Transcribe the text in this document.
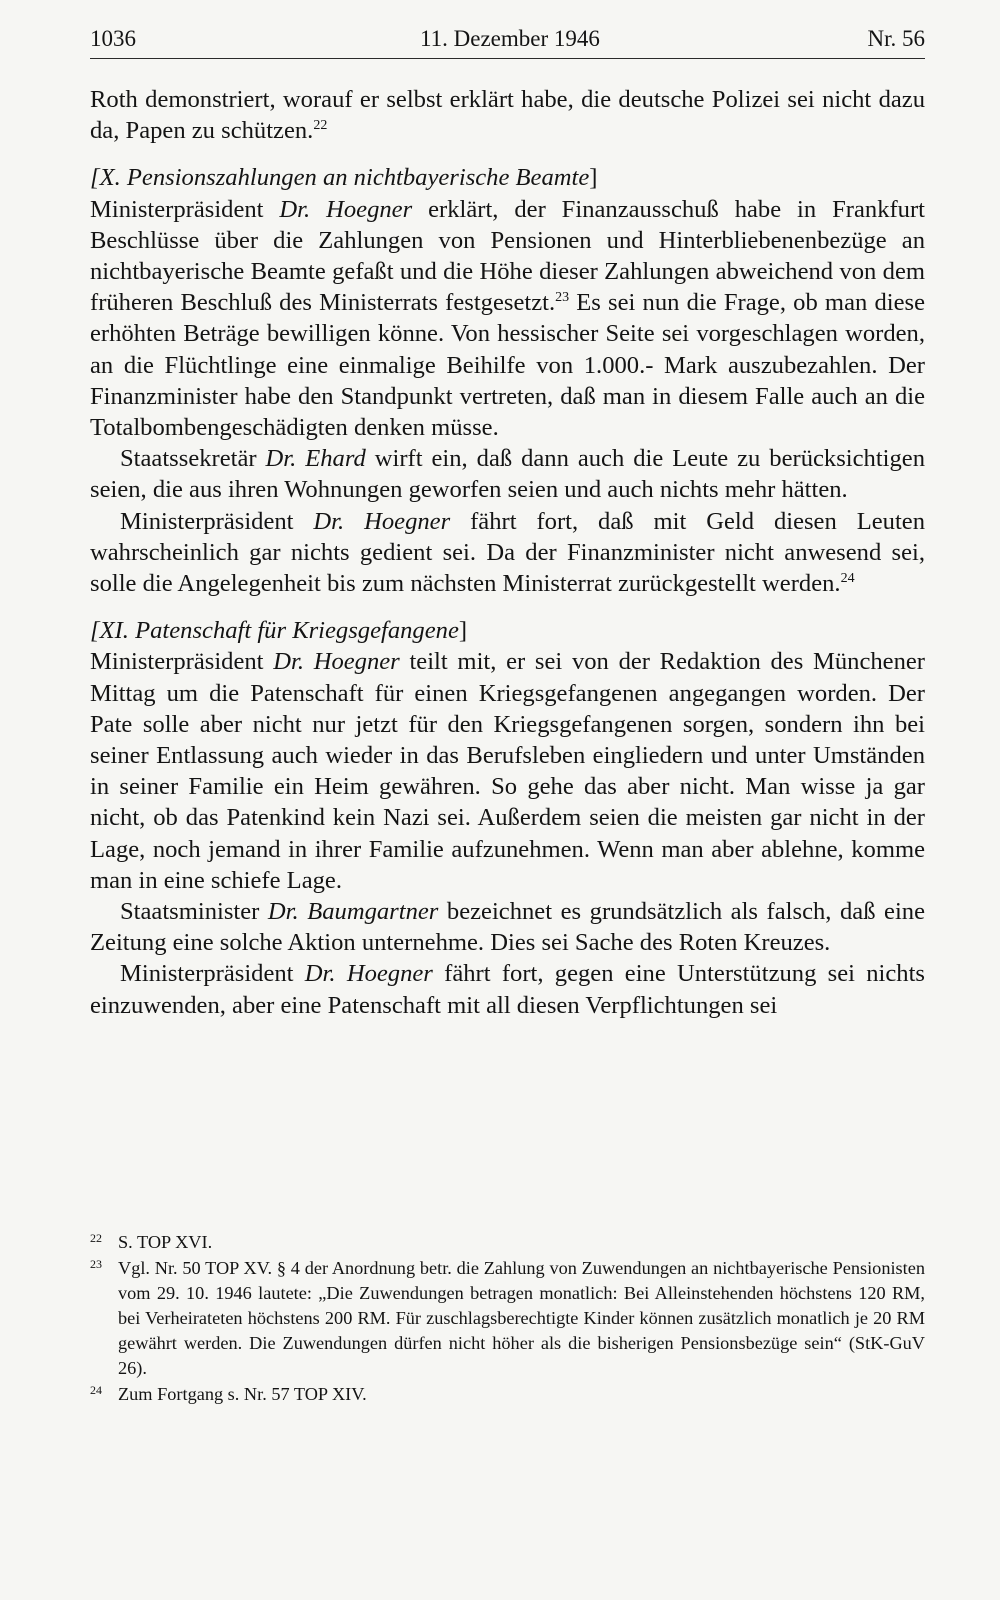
1036	11. Dezember 1946	Nr. 56

Roth demonstriert, worauf er selbst erklärt habe, die deutsche Polizei sei nicht dazu da, Papen zu schützen.$^{22}$

[X. Pensionszahlungen an nichtbayerische Beamte]

Ministerpräsident Dr. Hoegner erklärt, der Finanzausschuß habe in Frankfurt Beschlüsse über die Zahlungen von Pensionen und Hinterbliebenenbezüge an nichtbayerische Beamte gefaßt und die Höhe dieser Zahlungen abweichend von dem früheren Beschluß des Ministerrats festgesetzt.$^{23}$ Es sei nun die Frage, ob man diese erhöhten Beträge bewilligen könne. Von hessischer Seite sei vorgeschlagen worden, an die Flüchtlinge eine einmalige Beihilfe von 1.000.- Mark auszubezahlen. Der Finanzminister habe den Standpunkt vertreten, daß man in diesem Falle auch an die Totalbombengeschädigten denken müsse.

Staatssekretär Dr. Ehard wirft ein, daß dann auch die Leute zu berücksichtigen seien, die aus ihren Wohnungen geworfen seien und auch nichts mehr hätten.

Ministerpräsident Dr. Hoegner fährt fort, daß mit Geld diesen Leuten wahrscheinlich gar nichts gedient sei. Da der Finanzminister nicht anwesend sei, solle die Angelegenheit bis zum nächsten Ministerrat zurückgestellt werden.$^{24}$

[XI. Patenschaft für Kriegsgefangene]

Ministerpräsident Dr. Hoegner teilt mit, er sei von der Redaktion des Münchener Mittag um die Patenschaft für einen Kriegsgefangenen angegangen worden. Der Pate solle aber nicht nur jetzt für den Kriegsgefangenen sorgen, sondern ihn bei seiner Entlassung auch wieder in das Berufsleben eingliedern und unter Umständen in seiner Familie ein Heim gewähren. So gehe das aber nicht. Man wisse ja gar nicht, ob das Patenkind kein Nazi sei. Außerdem seien die meisten gar nicht in der Lage, noch jemand in ihrer Familie aufzunehmen. Wenn man aber ablehne, komme man in eine schiefe Lage.

Staatsminister Dr. Baumgartner bezeichnet es grundsätzlich als falsch, daß eine Zeitung eine solche Aktion unternehme. Dies sei Sache des Roten Kreuzes.

Ministerpräsident Dr. Hoegner fährt fort, gegen eine Unterstützung sei nichts einzuwenden, aber eine Patenschaft mit all diesen Verpflichtungen sei

22 S. TOP XVI.

23 Vgl. Nr. 50 TOP XV. § 4 der Anordnung betr. die Zahlung von Zuwendungen an nichtbayerische Pensionisten vom 29. 10. 1946 lautete: „Die Zuwendungen betragen monatlich: Bei Alleinstehenden höchstens 120 RM, bei Verheirateten höchstens 200 RM. Für zuschlagsberechtigte Kinder können zusätzlich monatlich je 20 RM gewährt werden. Die Zuwendungen dürfen nicht höher als die bisherigen Pensionsbezüge sein“ (StK-GuV 26).

24 Zum Fortgang s. Nr. 57 TOP XIV.
